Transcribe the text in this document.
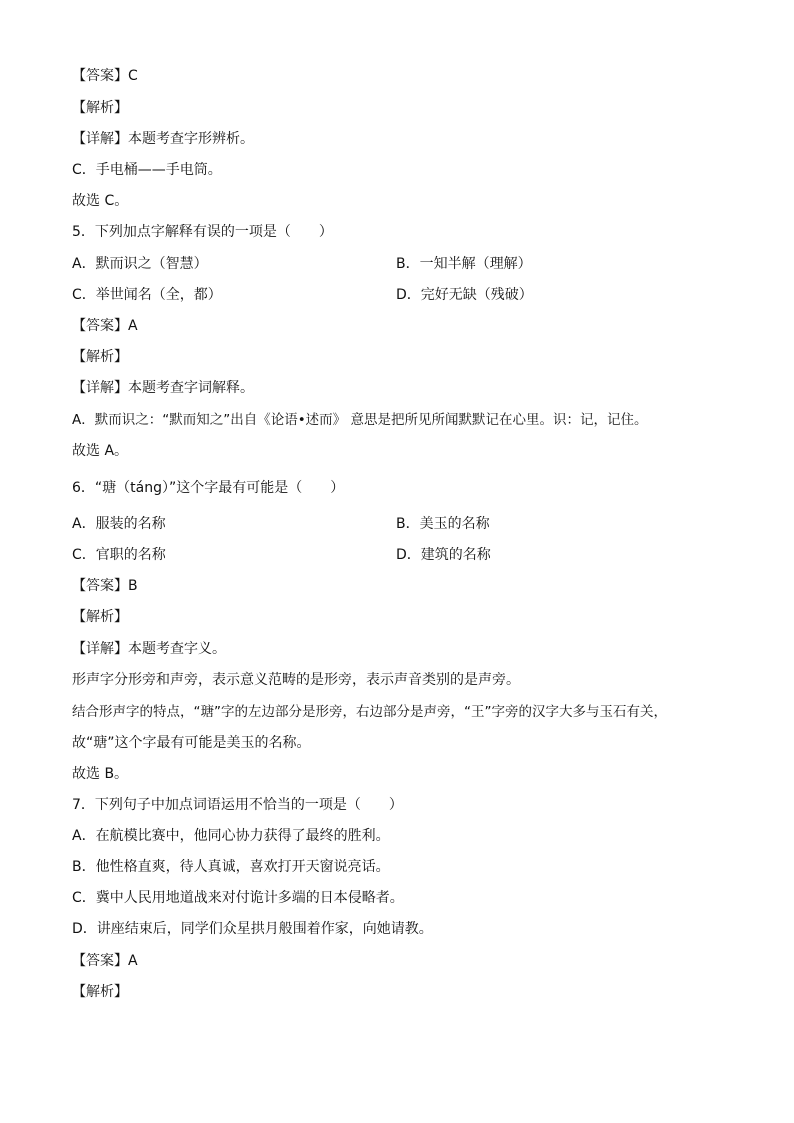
【答案】C
【解析】
【详解】本题考查字形辨析。
C．手电桶——手电筒。
故选 C。
5．下列加点字解释有误的一项是（　　）
A．默而识之（智慧）	B．一知半解（理解）
C．举世闻名（全，都）	D．完好无缺（残破）
【答案】A
【解析】
【详解】本题考查字词解释。
A．默而识之：“默而知之”出自《论语•述而》 意思是把所见所闻默默记在心里。识：记，记住。
故选 A。
6．“瑭（táng）”这个字最有可能是（　　）
A．服装的名称	B．美玉的名称
C．官职的名称	D．建筑的名称
【答案】B
【解析】
【详解】本题考查字义。
形声字分形旁和声旁，表示意义范畴的是形旁，表示声音类别的是声旁。
结合形声字的特点，“瑭”字的左边部分是形旁，右边部分是声旁，“王”字旁的汉字大多与玉石有关，
故“瑭”这个字最有可能是美玉的名称。
故选 B。
7．下列句子中加点词语运用不恰当的一项是（　　）
A．在航模比赛中，他同心协力获得了最终的胜利。
B．他性格直爽，待人真诚，喜欢打开天窗说亮话。
C．冀中人民用地道战来对付诡计多端的日本侵略者。
D．讲座结束后，同学们众星拱月般围着作家，向她请教。
【答案】A
【解析】
